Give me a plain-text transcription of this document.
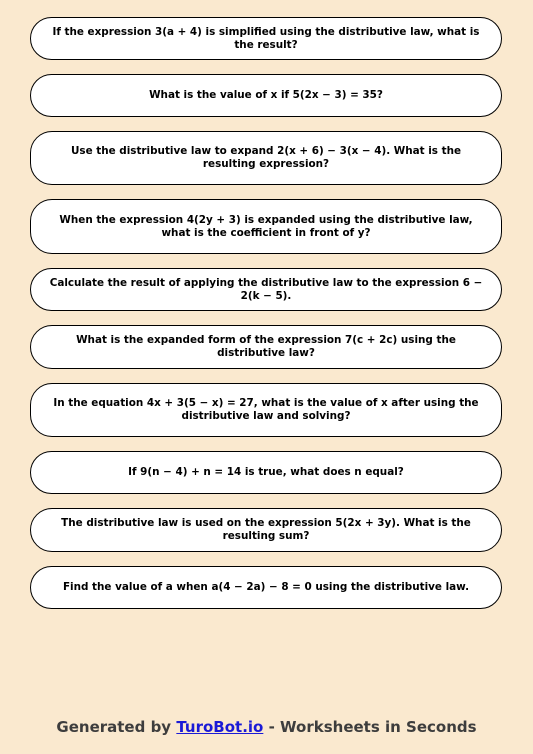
If the expression 3(a + 4) is simplified using the distributive law, what is the result?
What is the value of x if 5(2x − 3) = 35?
Use the distributive law to expand 2(x + 6) − 3(x − 4). What is the resulting expression?
When the expression 4(2y + 3) is expanded using the distributive law, what is the coefficient in front of y?
Calculate the result of applying the distributive law to the expression 6 − 2(k − 5).
What is the expanded form of the expression 7(c + 2c) using the distributive law?
In the equation 4x + 3(5 − x) = 27, what is the value of x after using the distributive law and solving?
If 9(n − 4) + n = 14 is true, what does n equal?
The distributive law is used on the expression 5(2x + 3y). What is the resulting sum?
Find the value of a when a(4 − 2a) − 8 = 0 using the distributive law.
Generated by TuroBot.io - Worksheets in Seconds
